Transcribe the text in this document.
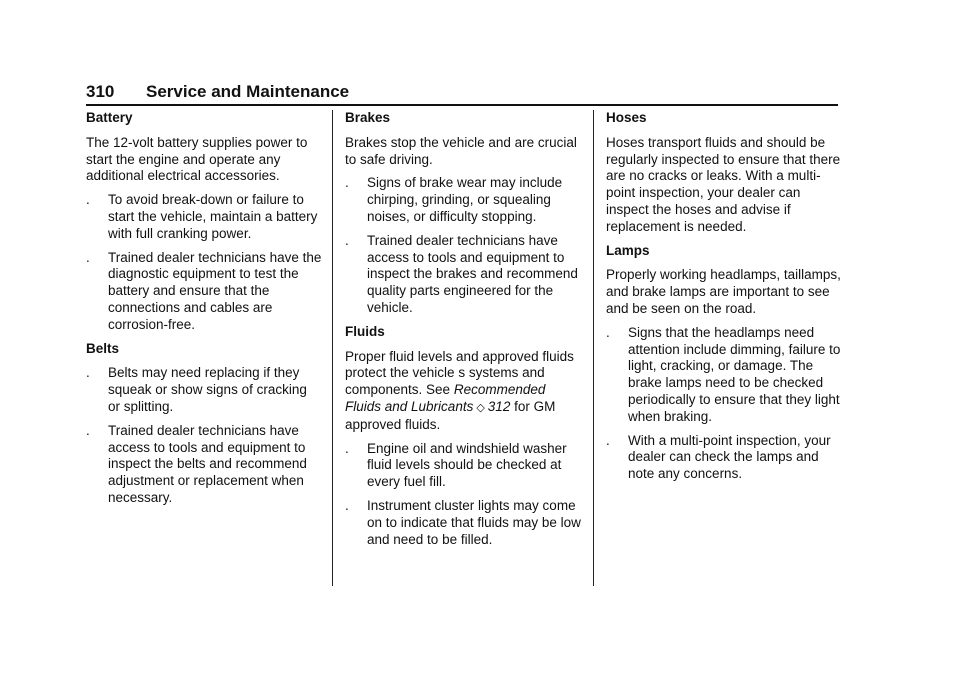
310 Service and Maintenance
Battery
The 12-volt battery supplies power to start the engine and operate any additional electrical accessories.
. To avoid break-down or failure to start the vehicle, maintain a battery with full cranking power.
. Trained dealer technicians have the diagnostic equipment to test the battery and ensure that the connections and cables are corrosion-free.
Belts
. Belts may need replacing if they squeak or show signs of cracking or splitting.
. Trained dealer technicians have access to tools and equipment to inspect the belts and recommend adjustment or replacement when necessary.
Brakes
Brakes stop the vehicle and are crucial to safe driving.
. Signs of brake wear may include chirping, grinding, or squealing noises, or difficulty stopping.
. Trained dealer technicians have access to tools and equipment to inspect the brakes and recommend quality parts engineered for the vehicle.
Fluids
Proper fluid levels and approved fluids protect the vehicle s systems and components. See Recommended Fluids and Lubricants ◇ 312 for GM approved fluids.
. Engine oil and windshield washer fluid levels should be checked at every fuel fill.
. Instrument cluster lights may come on to indicate that fluids may be low and need to be filled.
Hoses
Hoses transport fluids and should be regularly inspected to ensure that there are no cracks or leaks. With a multi-point inspection, your dealer can inspect the hoses and advise if replacement is needed.
Lamps
Properly working headlamps, taillamps, and brake lamps are important to see and be seen on the road.
. Signs that the headlamps need attention include dimming, failure to light, cracking, or damage. The brake lamps need to be checked periodically to ensure that they light when braking.
. With a multi-point inspection, your dealer can check the lamps and note any concerns.
